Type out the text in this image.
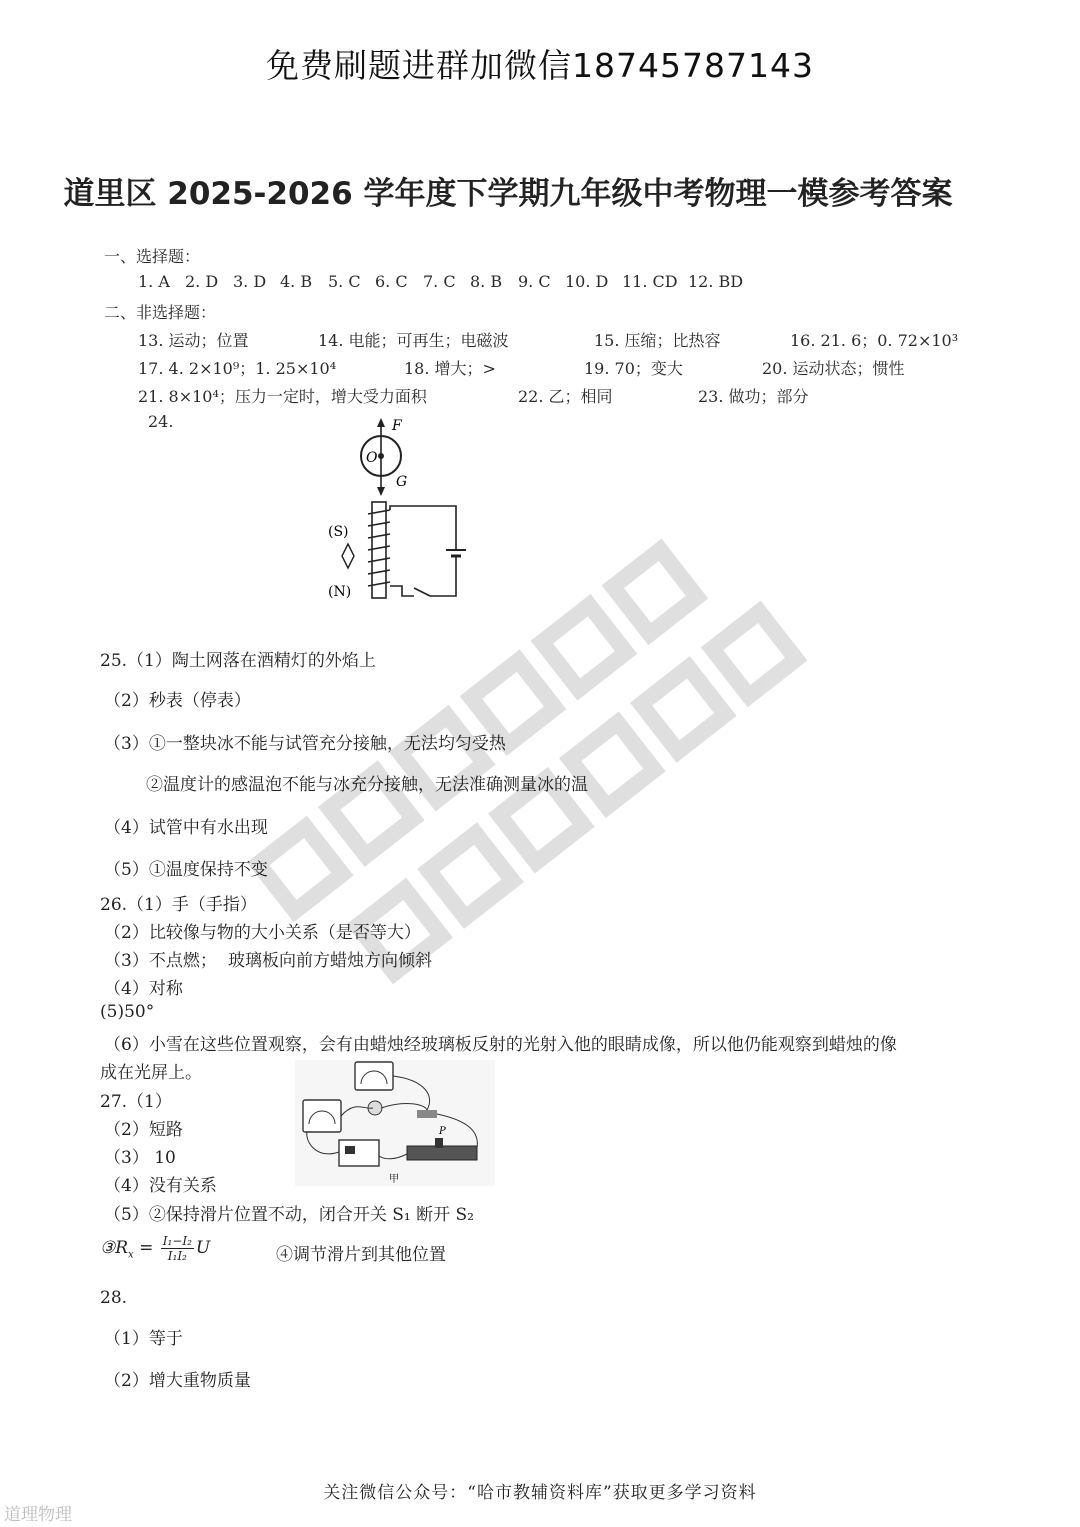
免费刷题进群加微信18745787143
道里区 2025-2026 学年度下学期九年级中考物理一模参考答案
一、选择题：
1. A 2. D 3. D 4. B 5. C 6. C 7. C 8. B 9. C 10. D 11. CD 12. BD
二、非选择题：
13. 运动；位置	14. 电能；可再生；电磁波	15. 压缩；比热容	16. 21. 6；0. 72×10³
17. 4. 2×10⁹；1. 25×10⁴	18. 增大；>	19. 70；变大	20. 运动状态；惯性
21. 8×10⁴；压力一定时，增大受力面积	22. 乙；相同	23. 做功；部分
24.	F
G
O
(S)
(N)
25.（1）陶土网落在酒精灯的外焰上
（2）秒表（停表）
（3）①一整块冰不能与试管充分接触，无法均匀受热
②温度计的感温泡不能与冰充分接触，无法准确测量冰的温
（4）试管中有水出现
（5）①温度保持不变
26.（1）手（手指）
（2）比较像与物的大小关系（是否等大）
（3）不点燃； 玻璃板向前方蜡烛方向倾斜
（4）对称
(5)50°
（6）小雪在这些位置观察，会有由蜡烛经玻璃板反射的光射入他的眼睛成像，所以他仍能观察到蜡烛的像
成在光屏上。
27.（1）
P
甲
（2）短路
（3） 10
（4）没有关系
（5）②保持滑片位置不动，闭合开关 S₁ 断开 S₂
$③R_x = \frac{\text{I₁−I₂}}{\text{I₁I₂}}$ U	④调节滑片到其他位置
28.
（1）等于
（2）增大重物质量
关注微信公众号：“哈市教辅资料库”获取更多学习资料
道理物理
